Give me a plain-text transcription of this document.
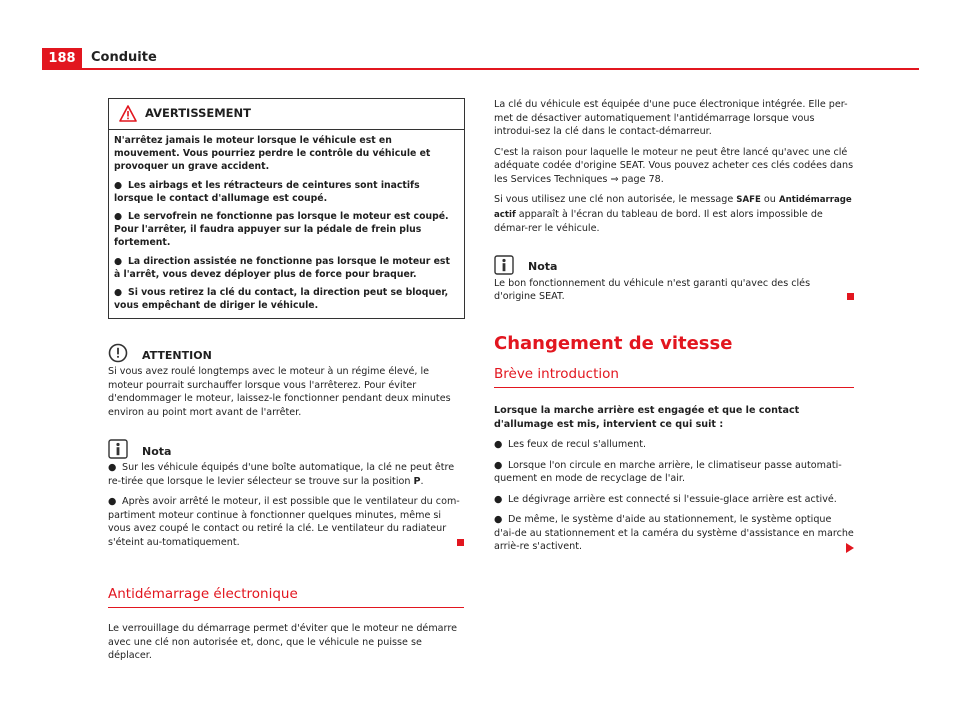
188	Conduite
AVERTISSEMENT

N'arrêtez jamais le moteur lorsque le véhicule est en mouvement. Vous pourriez perdre le contrôle du véhicule et provoquer un grave accident.

● Les airbags et les rétracteurs de ceintures sont inactifs lorsque le contact d'allumage est coupé.

● Le servofrein ne fonctionne pas lorsque le moteur est coupé. Pour l'arrêter, il faudra appuyer sur la pédale de frein plus fortement.

● La direction assistée ne fonctionne pas lorsque le moteur est à l'arrêt, vous devez déployer plus de force pour braquer.

● Si vous retirez la clé du contact, la direction peut se bloquer, vous empêchant de diriger le véhicule.

ATTENTION

Si vous avez roulé longtemps avec le moteur à un régime élevé, le moteur pourrait surchauffer lorsque vous l'arrêterez. Pour éviter d'endommager le moteur, laissez-le fonctionner pendant deux minutes environ au point mort avant de l'arrêter.

Nota

● Sur les véhicule équipés d'une boîte automatique, la clé ne peut être re-tirée que lorsque le levier sélecteur se trouve sur la position P.

● Après avoir arrêté le moteur, il est possible que le ventilateur du com-partiment moteur continue à fonctionner quelques minutes, même si vous avez coupé le contact ou retiré la clé. Le ventilateur du radiateur s'éteint au-tomatiquement.

Antidémarrage électronique

Le verrouillage du démarrage permet d'éviter que le moteur ne démarre avec une clé non autorisée et, donc, que le véhicule ne puisse se déplacer.

La clé du véhicule est équipée d'une puce électronique intégrée. Elle per-met de désactiver automatiquement l'antidémarrage lorsque vous introdui-sez la clé dans le contact-démarreur.

C'est la raison pour laquelle le moteur ne peut être lancé qu'avec une clé adéquate codée d'origine SEAT. Vous pouvez acheter ces clés codées dans les Services Techniques ⇒ page 78.

Si vous utilisez une clé non autorisée, le message SAFE ou Antidémarrage actif apparaît à l'écran du tableau de bord. Il est alors impossible de démar-rer le véhicule.

Nota

Le bon fonctionnement du véhicule n'est garanti qu'avec des clés d'origine SEAT.

Changement de vitesse
Brève introduction

Lorsque la marche arrière est engagée et que le contact d'allumage est mis, intervient ce qui suit :

● Les feux de recul s'allument.

● Lorsque l'on circule en marche arrière, le climatiseur passe automati-quement en mode de recyclage de l'air.

● Le dégivrage arrière est connecté si l'essuie-glace arrière est activé.

● De même, le système d'aide au stationnement, le système optique d'ai-de au stationnement et la caméra du système d'assistance en marche arriè-re s'activent.
